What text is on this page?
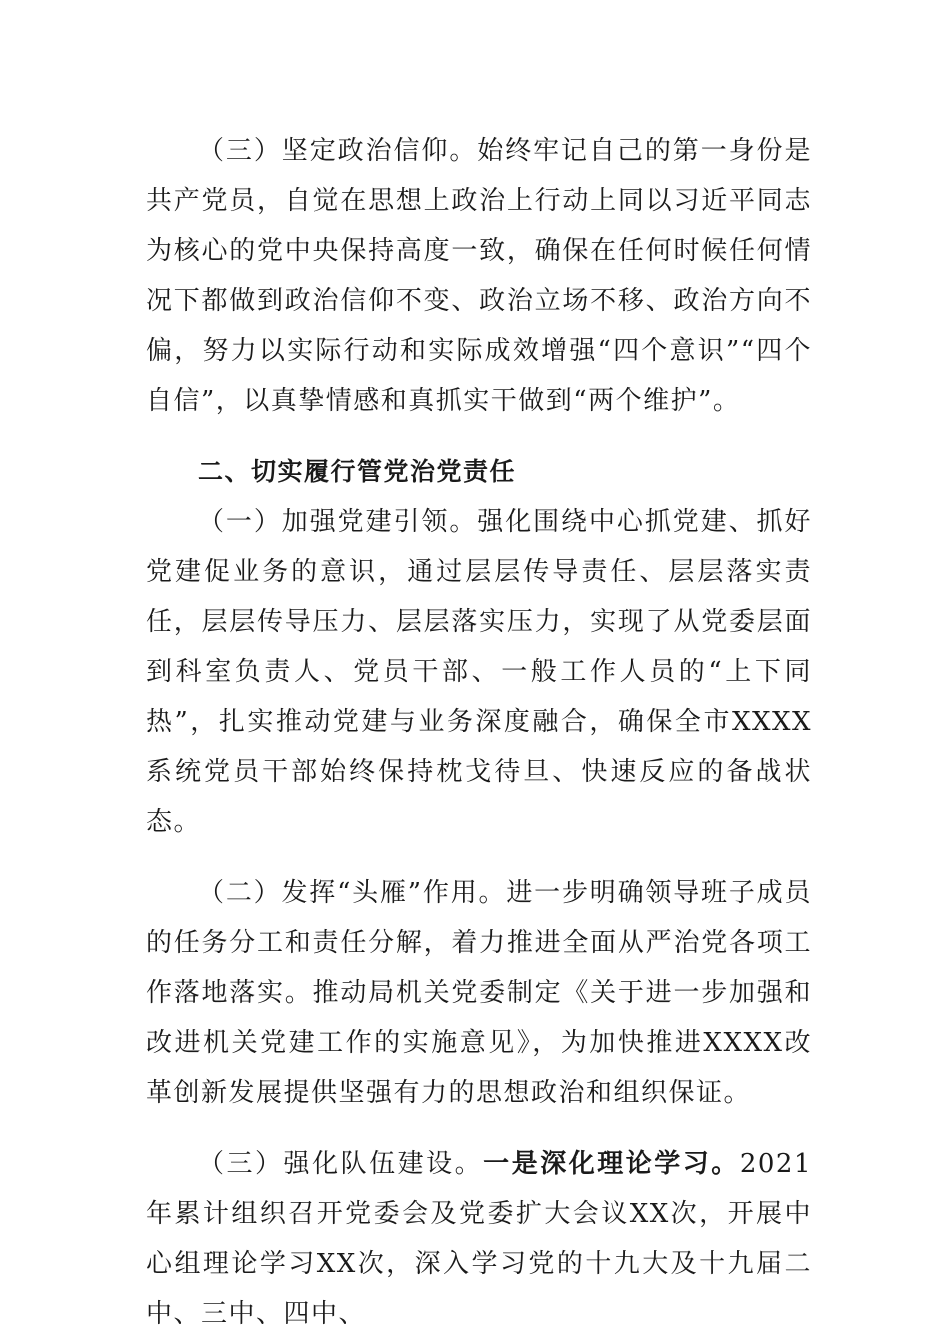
（三）坚定政治信仰。始终牢记自己的第一身份是共产党员，自觉在思想上政治上行动上同以习近平同志为核心的党中央保持高度一致，确保在任何时候任何情况下都做到政治信仰不变、政治立场不移、政治方向不偏，努力以实际行动和实际成效增强“四个意识”“四个自信”，以真挚情感和真抓实干做到“两个维护”。

二、切实履行管党治党责任

（一）加强党建引领。强化围绕中心抓党建、抓好党建促业务的意识，通过层层传导责任、层层落实责任，层层传导压力、层层落实压力，实现了从党委层面到科室负责人、党员干部、一般工作人员的“上下同热”，扎实推动党建与业务深度融合，确保全市XXXX系统党员干部始终保持枕戈待旦、快速反应的备战状态。

（二）发挥“头雁”作用。进一步明确领导班子成员的任务分工和责任分解，着力推进全面从严治党各项工作落地落实。推动局机关党委制定《关于进一步加强和改进机关党建工作的实施意见》，为加快推进XXXX改革创新发展提供坚强有力的思想政治和组织保证。

（三）强化队伍建设。一是深化理论学习。2021年累计组织召开党委会及党委扩大会议XX次，开展中心组理论学习XX次，深入学习党的十九大及十九届二中、三中、四中、
